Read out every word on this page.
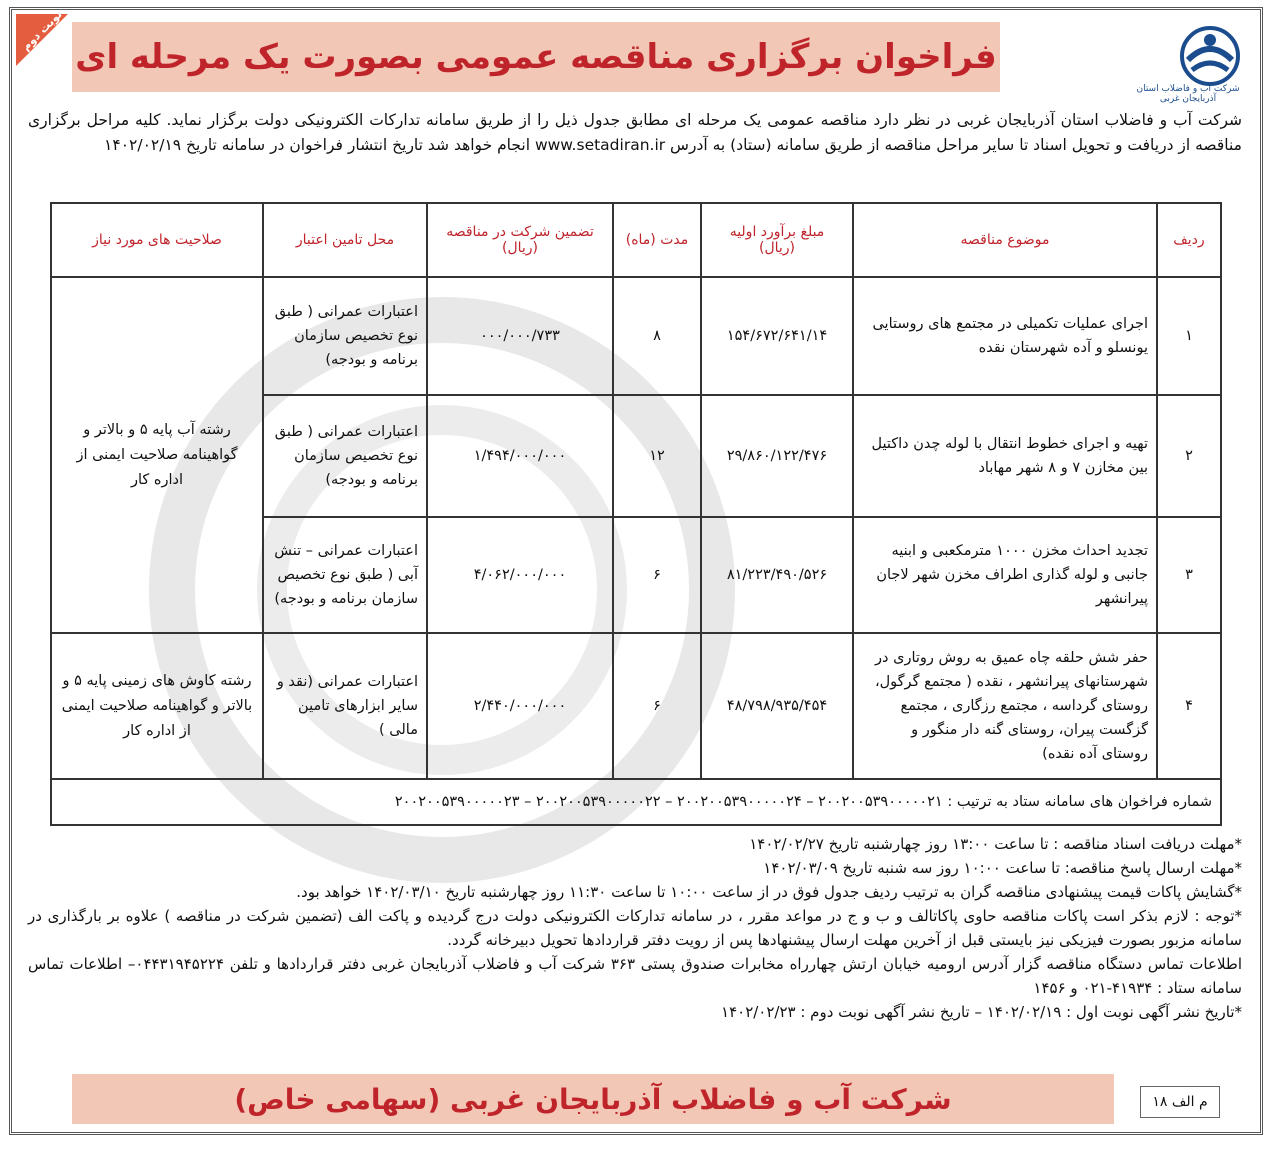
نوبت دوم
فراخوان برگزاری مناقصه عمومی بصورت یک مرحله ای
شرکت آب و فاضلاب استان آذربایجان غربی
شرکت آب و فاضلاب استان آذربایجان غربی در نظر دارد مناقصه عمومی یک مرحله ای مطابق جدول ذیل را از طریق سامانه تدارکات الکترونیکی دولت برگزار نماید. کلیه مراحل برگزاری مناقصه از دریافت و تحویل اسناد تا سایر مراحل مناقصه از طریق سامانه (ستاد) به آدرس www.setadiran.ir انجام خواهد شد تاریخ انتشار فراخوان در سامانه تاریخ ۱۴۰۲/۰۲/۱۹
ردیف	موضوع مناقصه	مبلغ برآورد اولیه (ریال)	مدت (ماه)	تضمین شرکت در مناقصه (ریال)	محل تامین اعتبار	صلاحیت های مورد نیاز
۱	اجرای عملیات تکمیلی در مجتمع های روستایی یونسلو و آده شهرستان نقده	۱۵۴/۶۷۲/۶۴۱/۱۴	۸	۰۰۰/۰۰۰/۷۳۳	اعتبارات عمرانی ( طبق نوع تخصیص سازمان برنامه و بودجه)	رشته آب پایه ۵ و بالاتر و گواهینامه صلاحیت ایمنی از اداره کار
۲	تهیه و اجرای خطوط انتقال با لوله چدن داکتیل بین مخازن ۷ و ۸ شهر مهاباد	۲۹/۸۶۰/۱۲۲/۴۷۶	۱۲	۱/۴۹۴/۰۰۰/۰۰۰	اعتبارات عمرانی ( طبق نوع تخصیص سازمان برنامه و بودجه)	
۳	تجدید احداث مخزن ۱۰۰۰ مترمکعبی و ابنیه جانبی و لوله گذاری اطراف مخزن شهر لاجان پیرانشهر	۸۱/۲۲۳/۴۹۰/۵۲۶	۶	۴/۰۶۲/۰۰۰/۰۰۰	اعتبارات عمرانی – تنش آبی ( طبق نوع تخصیص سازمان برنامه و بودجه)	
۴	حفر شش حلقه چاه عمیق به روش روتاری در شهرستانهای پیرانشهر ، نقده ( مجتمع گرگول، روستای گرداسه ، مجتمع رزگاری ، مجتمع گزگست پیران، روستای گنه دار منگور و روستای آده نقده)	۴۸/۷۹۸/۹۳۵/۴۵۴	۶	۲/۴۴۰/۰۰۰/۰۰۰	اعتبارات عمرانی (نقد و سایر ابزارهای تامین مالی )	رشته کاوش های زمینی پایه ۵ و بالاتر و گواهینامه صلاحیت ایمنی از اداره کار
شماره فراخوان های سامانه ستاد به ترتیب : ۲۰۰۲۰۰۵۳۹۰۰۰۰۰۲۱ – ۲۰۰۲۰۰۵۳۹۰۰۰۰۰۲۴ – ۲۰۰۲۰۰۵۳۹۰۰۰۰۰۲۲ – ۲۰۰۲۰۰۵۳۹۰۰۰۰۰۲۳						

*مهلت دریافت اسناد مناقصه : تا ساعت ۱۳:۰۰ روز چهارشنبه تاریخ ۱۴۰۲/۰۲/۲۷

*مهلت ارسال پاسخ مناقصه: تا ساعت ۱۰:۰۰ روز سه شنبه تاریخ ۱۴۰۲/۰۳/۰۹

*گشایش پاکات قیمت پیشنهادی مناقصه گران به ترتیب ردیف جدول فوق در از ساعت ۱۰:۰۰ تا ساعت ۱۱:۳۰ روز چهارشنبه تاریخ ۱۴۰۲/۰۳/۱۰ خواهد بود.

*توجه : لازم بذکر است پاکات مناقصه حاوی پاکاتالف و ب و ج در مواعد مقرر ، در سامانه تدارکات الکترونیکی دولت درج گردیده و پاکت الف (تضمین شرکت در مناقصه ) علاوه بر بارگذاری در سامانه مزبور بصورت فیزیکی نیز بایستی قبل از آخرین مهلت ارسال پیشنهادها پس از رویت دفتر قراردادها تحویل دبیرخانه گردد.

اطلاعات تماس دستگاه مناقصه گزار آدرس ارومیه خیابان ارتش چهارراه مخابرات صندوق پستی ۳۶۳ شرکت آب و فاضلاب آذربایجان غربی دفتر قراردادها و تلفن ۰۴۴۳۱۹۴۵۲۲۴– اطلاعات تماس سامانه ستاد : ۴۱۹۳۴-۰۲۱ و ۱۴۵۶

*تاریخ نشر آگهی نوبت اول : ۱۴۰۲/۰۲/۱۹ – تاریخ نشر آگهی نوبت دوم : ۱۴۰۲/۰۲/۲۳

شرکت آب و فاضلاب آذربایجان غربی (سهامی خاص)	م الف ۱۸
